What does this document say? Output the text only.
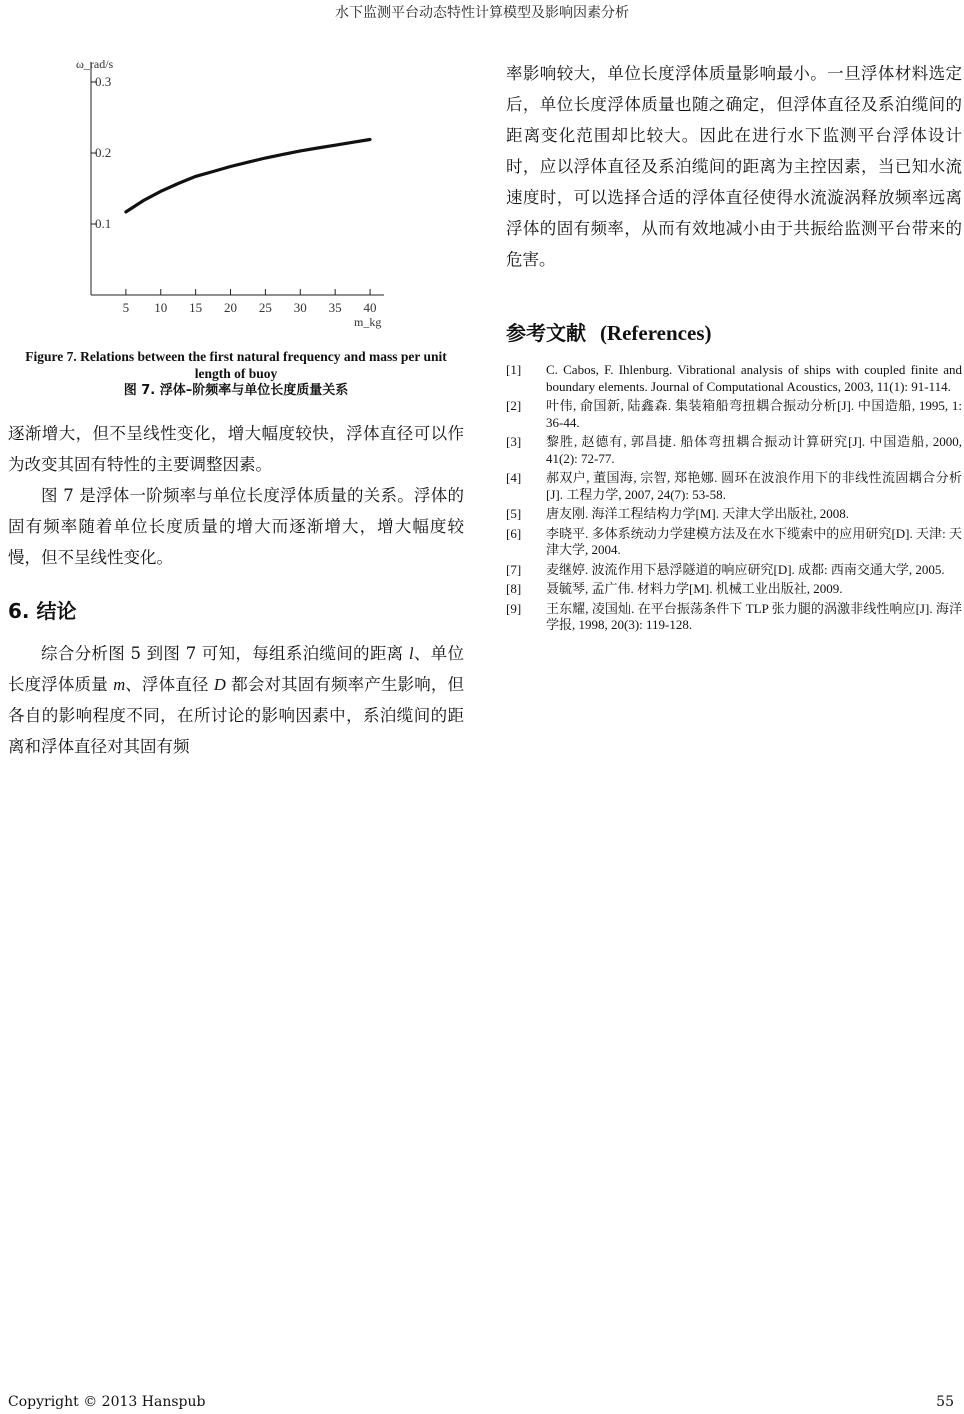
水下监测平台动态特性计算模型及影响因素分析
ω_rad/s
m_kg
5 10 15 20 25 30 35 40
0.1
0.2
0.3
Figure 7. Relations between the first natural frequency and mass per unit length of buoy
图 7. 浮体–阶频率与单位长度质量关系

逐渐增大，但不呈线性变化，增大幅度较快，浮体直径可以作为改变其固有特性的主要调整因素。

图 7 是浮体一阶频率与单位长度浮体质量的关系。浮体的固有频率随着单位长度质量的增大而逐渐增大，增大幅度较慢，但不呈线性变化。

6. 结论

综合分析图 5 到图 7 可知，每组系泊缆间的距离 l、单位长度浮体质量 m、浮体直径 D 都会对其固有频率产生影响，但各自的影响程度不同，在所讨论的影响因素中，系泊缆间的距离和浮体直径对其固有频

率影响较大，单位长度浮体质量影响最小。一旦浮体材料选定后，单位长度浮体质量也随之确定，但浮体直径及系泊缆间的距离变化范围却比较大。因此在进行水下监测平台浮体设计时，应以浮体直径及系泊缆间的距离为主控因素，当已知水流速度时，可以选择合适的浮体直径使得水流漩涡释放频率远离浮体的固有频率，从而有效地减小由于共振给监测平台带来的危害。

参考文献 (References)
[1]	C. Cabos, F. Ihlenburg. Vibrational analysis of ships with coupled finite and boundary elements. Journal of Computational Acoustics, 2003, 11(1): 91-114.
[2]	叶伟, 俞国新, 陆鑫森. 集装箱船弯扭耦合振动分析[J]. 中国造船, 1995, 1: 36-44.
[3]	黎胜, 赵德有, 郭昌捷. 船体弯扭耦合振动计算研究[J]. 中国造船, 2000, 41(2): 72-77.
[4]	郝双户, 董国海, 宗智, 郑艳娜. 圆环在波浪作用下的非线性流固耦合分析[J]. 工程力学, 2007, 24(7): 53-58.
[5]	唐友刚. 海洋工程结构力学[M]. 天津大学出版社, 2008.
[6]	李晓平. 多体系统动力学建模方法及在水下缆索中的应用研究[D]. 天津: 天津大学, 2004.
[7]	麦继婷. 波流作用下悬浮隧道的响应研究[D]. 成都: 西南交通大学, 2005.
[8]	聂毓琴, 孟广伟. 材料力学[M]. 机械工业出版社, 2009.
[9]	王东耀, 凌国灿. 在平台振荡条件下 TLP 张力腿的涡激非线性响应[J]. 海洋学报, 1998, 20(3): 119-128.
Copyright © 2013 Hanspub	55
